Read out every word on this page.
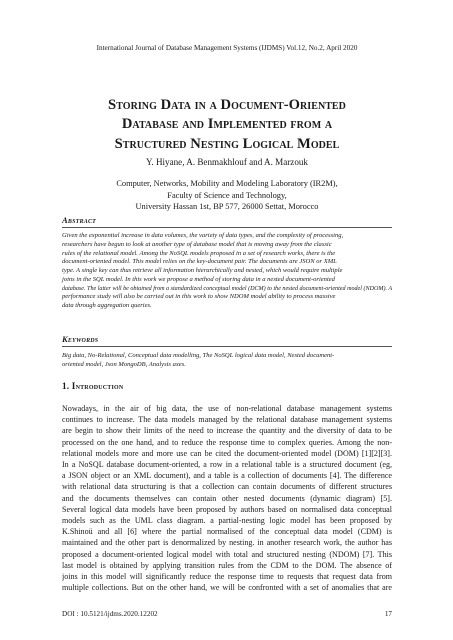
International Journal of Database Management Systems (IJDMS) Vol.12, No.2, April 2020
Storing Data in a Document-Oriented
Database and Implemented from a
Structured Nesting Logical Model
Y. Hiyane, A. Benmakhlouf and A. Marzouk
Computer, Networks, Mobility and Modeling Laboratory (IR2M),
Faculty of Science and Technology,
University Hassan 1st, BP 577, 26000 Settat, Morocco
Abstract
Given the exponential increase in data volumes, the variety of data types, and the complexity of processing,
researchers have begun to look at another type of database model that is moving away from the classic
rules of the relational model. Among the NoSQL models proposed in a set of research works, there is the
document-oriented model. This model relies on the key-document pair. The documents are JSON or XML
type. A single key can thus retrieve all information hierarchically and nested, which would require multiple
joins in the SQL model. In this work we propose a method of storing data in a nested document-oriented
database. The latter will be obtained from a standardized conceptual model (DCM) to the nested document-oriented model (NDOM). A
performance study will also be carried out in this work to show NDOM model ability to process massive
data through aggregation queries.
Keywords
Big data, No-Relational, Conceptual data modelling, The NoSQL logical data model, Nested document-
oriented model, Json MongoDB, Analysis axes.
1. Introduction
Nowadays, in the air of big data, the use of non-relational database management systems
continues to increase. The data models managed by the relational database management systems
are begin to show their limits of the need to increase the quantity and the diversity of data to be
processed on the one hand, and to reduce the response time to complex queries. Among the non-
relational models more and more use can be cited the document-oriented model (DOM) [1][2][3].
In a NoSQL database document-oriented, a row in a relational table is a structured document (eg,
a JSON object or an XML document), and a table is a collection of documents [4]. The difference
with relational data structuring is that a collection can contain documents of different structures
and the documents themselves can contain other nested documents (dynamic diagram) [5].
Several logical data models have been proposed by authors based on normalised data conceptual
models such as the UML class diagram. a partial-nesting logic model has been proposed by
K.Shinoü and all [6] where the partial normalised of the conceptual data model (CDM) is
maintained and the other part is denormalized by nesting. in another research work, the author has
proposed a document-oriented logical model with total and structured nesting (NDOM) [7]. This
last model is obtained by applying transition rules from the CDM to the DOM. The absence of
joins in this model will significantly reduce the response time to requests that request data from
multiple collections. But on the other hand, we will be confronted with a set of anomalies that are
DOI : 10.5121/ijdms.2020.12202	17
